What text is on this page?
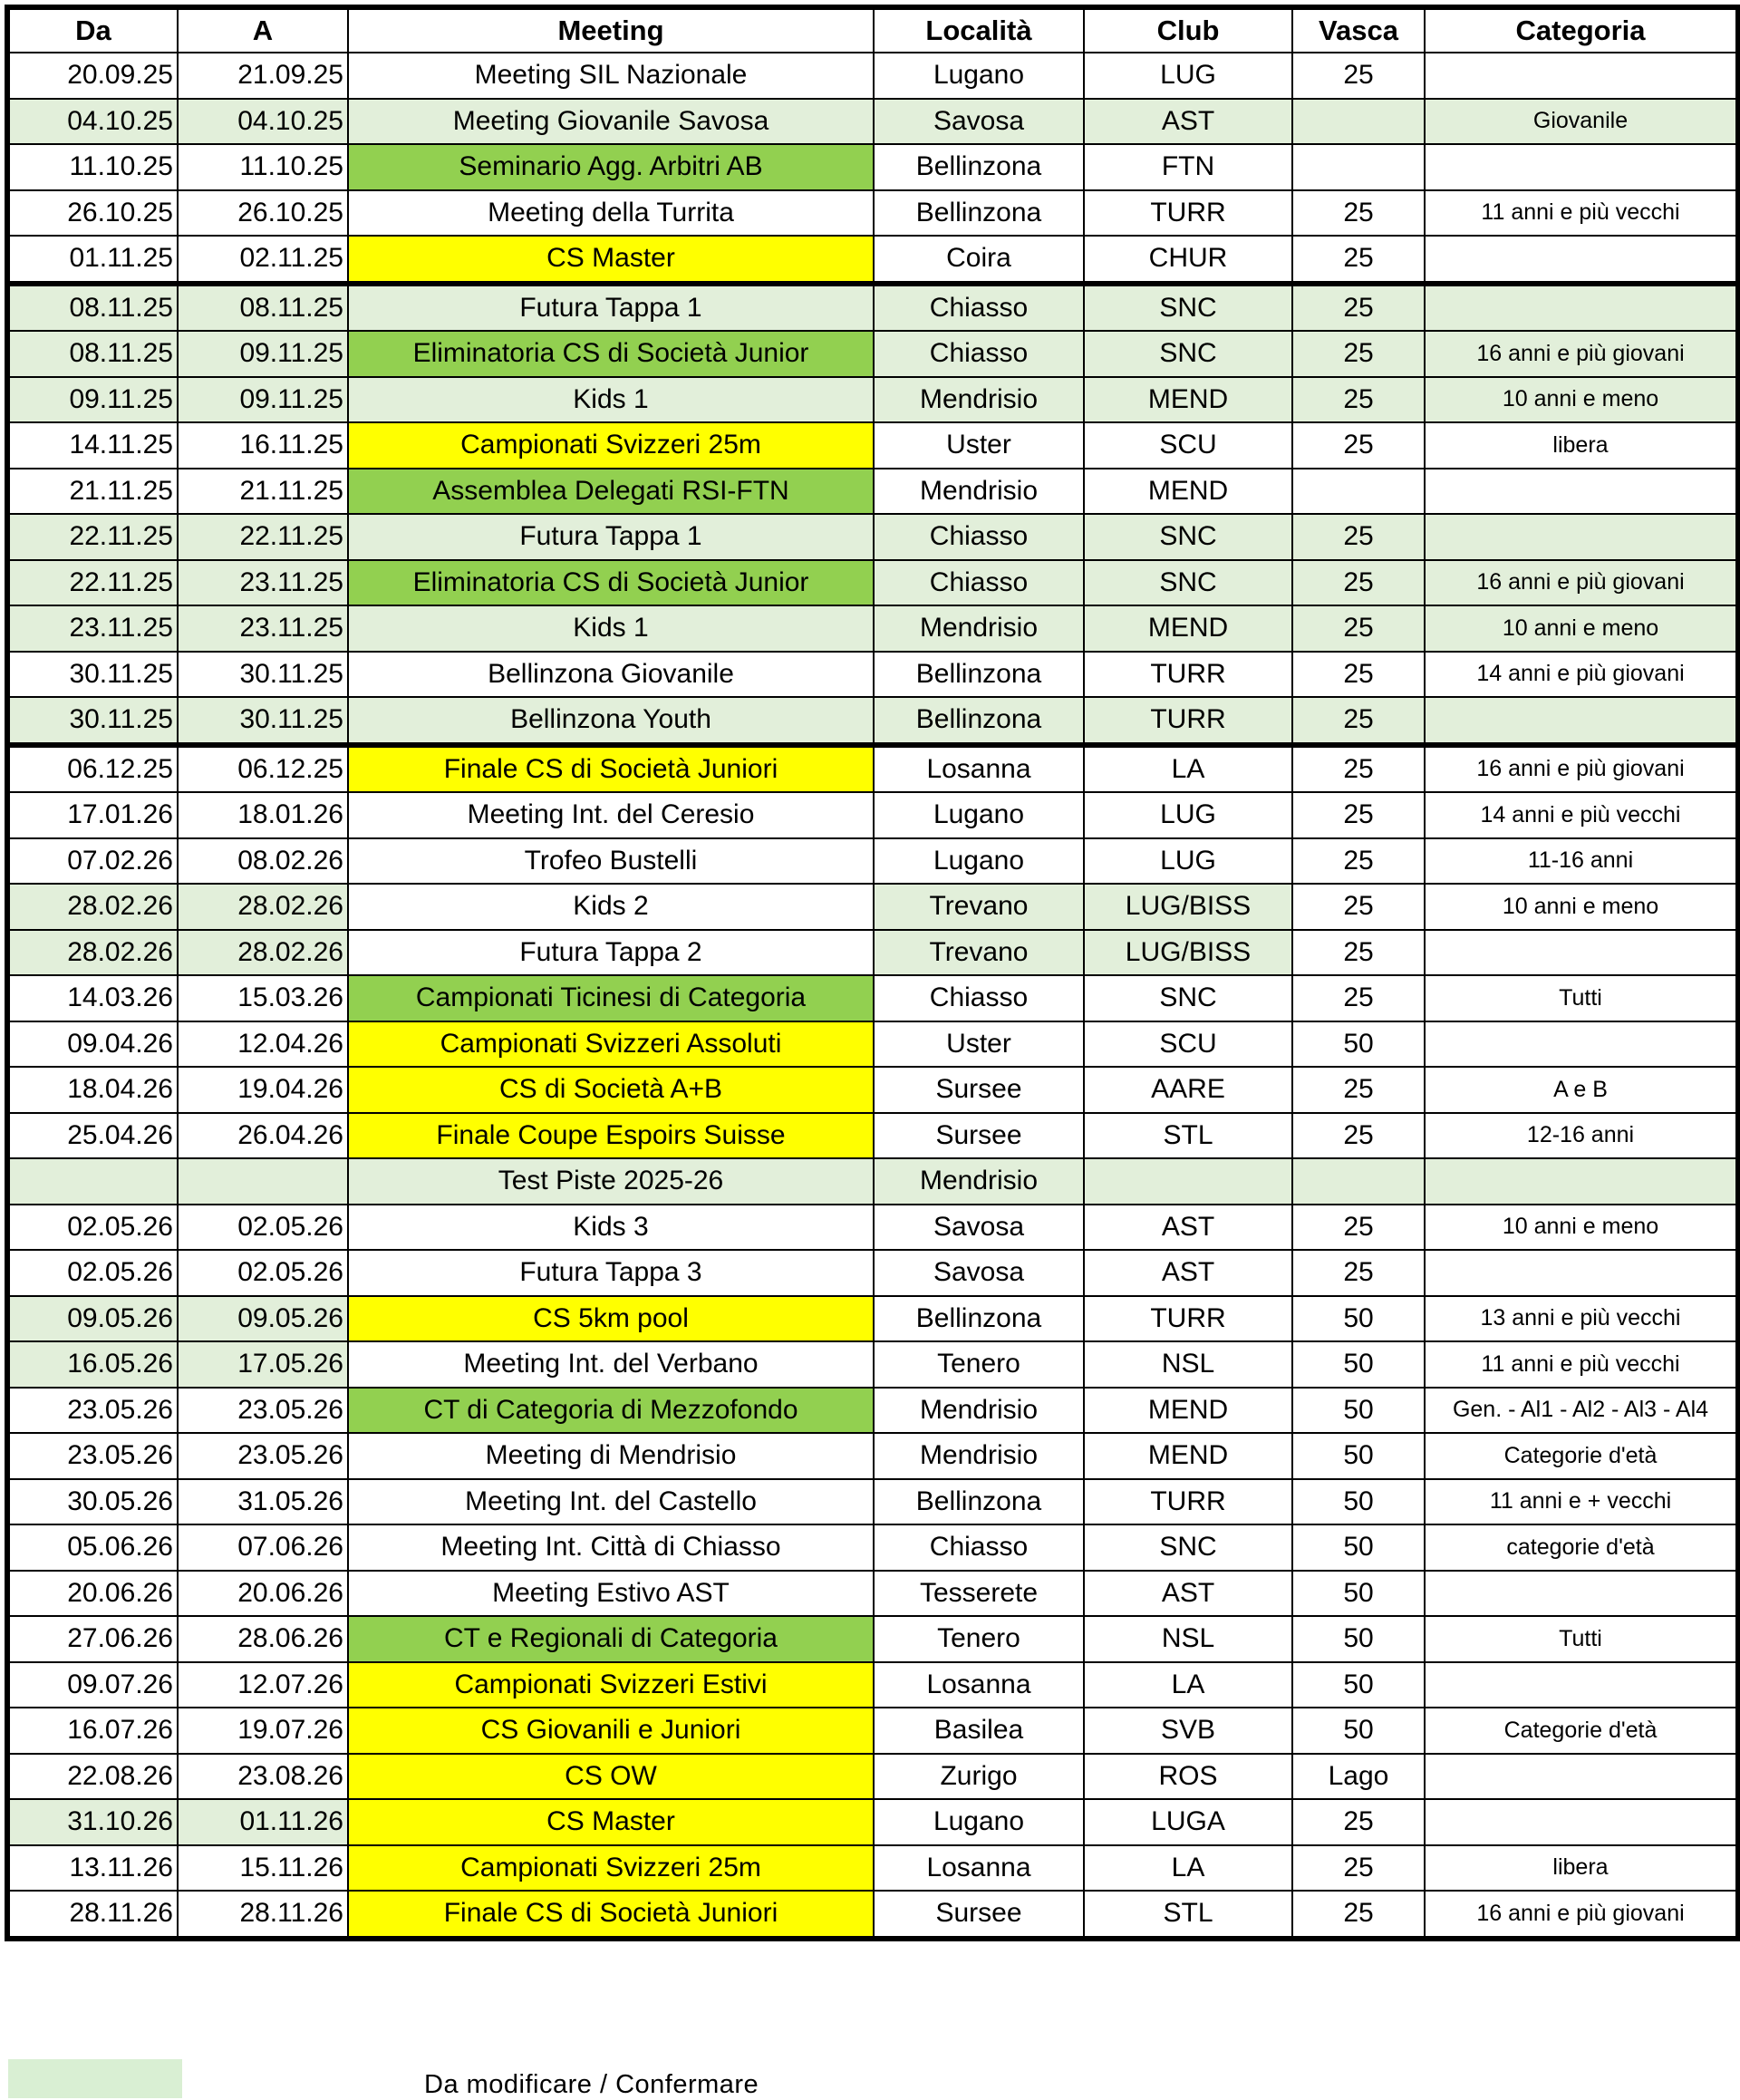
Da	A	Meeting	Località	Club	Vasca	Categoria
20.09.25	21.09.25	Meeting SIL Nazionale	Lugano	LUG	25	
04.10.25	04.10.25	Meeting Giovanile Savosa	Savosa	AST		Giovanile
11.10.25	11.10.25	Seminario Agg. Arbitri AB	Bellinzona	FTN		
26.10.25	26.10.25	Meeting della Turrita	Bellinzona	TURR	25	11 anni e più vecchi
01.11.25	02.11.25	CS Master	Coira	CHUR	25	
08.11.25	08.11.25	Futura Tappa 1	Chiasso	SNC	25	
08.11.25	09.11.25	Eliminatoria CS di Società Junior	Chiasso	SNC	25	16 anni e più giovani
09.11.25	09.11.25	Kids 1	Mendrisio	MEND	25	10 anni e meno
14.11.25	16.11.25	Campionati Svizzeri 25m	Uster	SCU	25	libera
21.11.25	21.11.25	Assemblea Delegati RSI-FTN	Mendrisio	MEND		
22.11.25	22.11.25	Futura Tappa 1	Chiasso	SNC	25	
22.11.25	23.11.25	Eliminatoria CS di Società Junior	Chiasso	SNC	25	16 anni e più giovani
23.11.25	23.11.25	Kids 1	Mendrisio	MEND	25	10 anni e meno
30.11.25	30.11.25	Bellinzona Giovanile	Bellinzona	TURR	25	14 anni e più giovani
30.11.25	30.11.25	Bellinzona Youth	Bellinzona	TURR	25	
06.12.25	06.12.25	Finale CS di Società Juniori	Losanna	LA	25	16 anni e più giovani
17.01.26	18.01.26	Meeting Int. del Ceresio	Lugano	LUG	25	14 anni e più vecchi
07.02.26	08.02.26	Trofeo Bustelli	Lugano	LUG	25	11-16 anni
28.02.26	28.02.26	Kids 2	Trevano	LUG/BISS	25	10 anni e meno
28.02.26	28.02.26	Futura Tappa 2	Trevano	LUG/BISS	25	
14.03.26	15.03.26	Campionati Ticinesi di Categoria	Chiasso	SNC	25	Tutti
09.04.26	12.04.26	Campionati Svizzeri Assoluti	Uster	SCU	50	
18.04.26	19.04.26	CS di Società A+B	Sursee	AARE	25	A e B
25.04.26	26.04.26	Finale Coupe Espoirs Suisse	Sursee	STL	25	12-16 anni
		Test Piste 2025-26	Mendrisio			
02.05.26	02.05.26	Kids 3	Savosa	AST	25	10 anni e meno
02.05.26	02.05.26	Futura Tappa 3	Savosa	AST	25	
09.05.26	09.05.26	CS 5km pool	Bellinzona	TURR	50	13 anni e più vecchi
16.05.26	17.05.26	Meeting Int. del Verbano	Tenero	NSL	50	11 anni e più vecchi
23.05.26	23.05.26	CT di Categoria di Mezzofondo	Mendrisio	MEND	50	Gen. - Al1 - Al2 - Al3 - Al4
23.05.26	23.05.26	Meeting di Mendrisio	Mendrisio	MEND	50	Categorie d'età
30.05.26	31.05.26	Meeting Int. del Castello	Bellinzona	TURR	50	11 anni e + vecchi
05.06.26	07.06.26	Meeting Int. Città di Chiasso	Chiasso	SNC	50	categorie d'età
20.06.26	20.06.26	Meeting Estivo AST	Tesserete	AST	50	
27.06.26	28.06.26	CT e Regionali di Categoria	Tenero	NSL	50	Tutti
09.07.26	12.07.26	Campionati Svizzeri Estivi	Losanna	LA	50	
16.07.26	19.07.26	CS Giovanili e Juniori	Basilea	SVB	50	Categorie d'età
22.08.26	23.08.26	CS OW	Zurigo	ROS	Lago	
31.10.26	01.11.26	CS Master	Lugano	LUGA	25	
13.11.26	15.11.26	Campionati Svizzeri 25m	Losanna	LA	25	libera
28.11.26	28.11.26	Finale CS di Società Juniori	Sursee	STL	25	16 anni e più giovani
Da modificare / Confermare
